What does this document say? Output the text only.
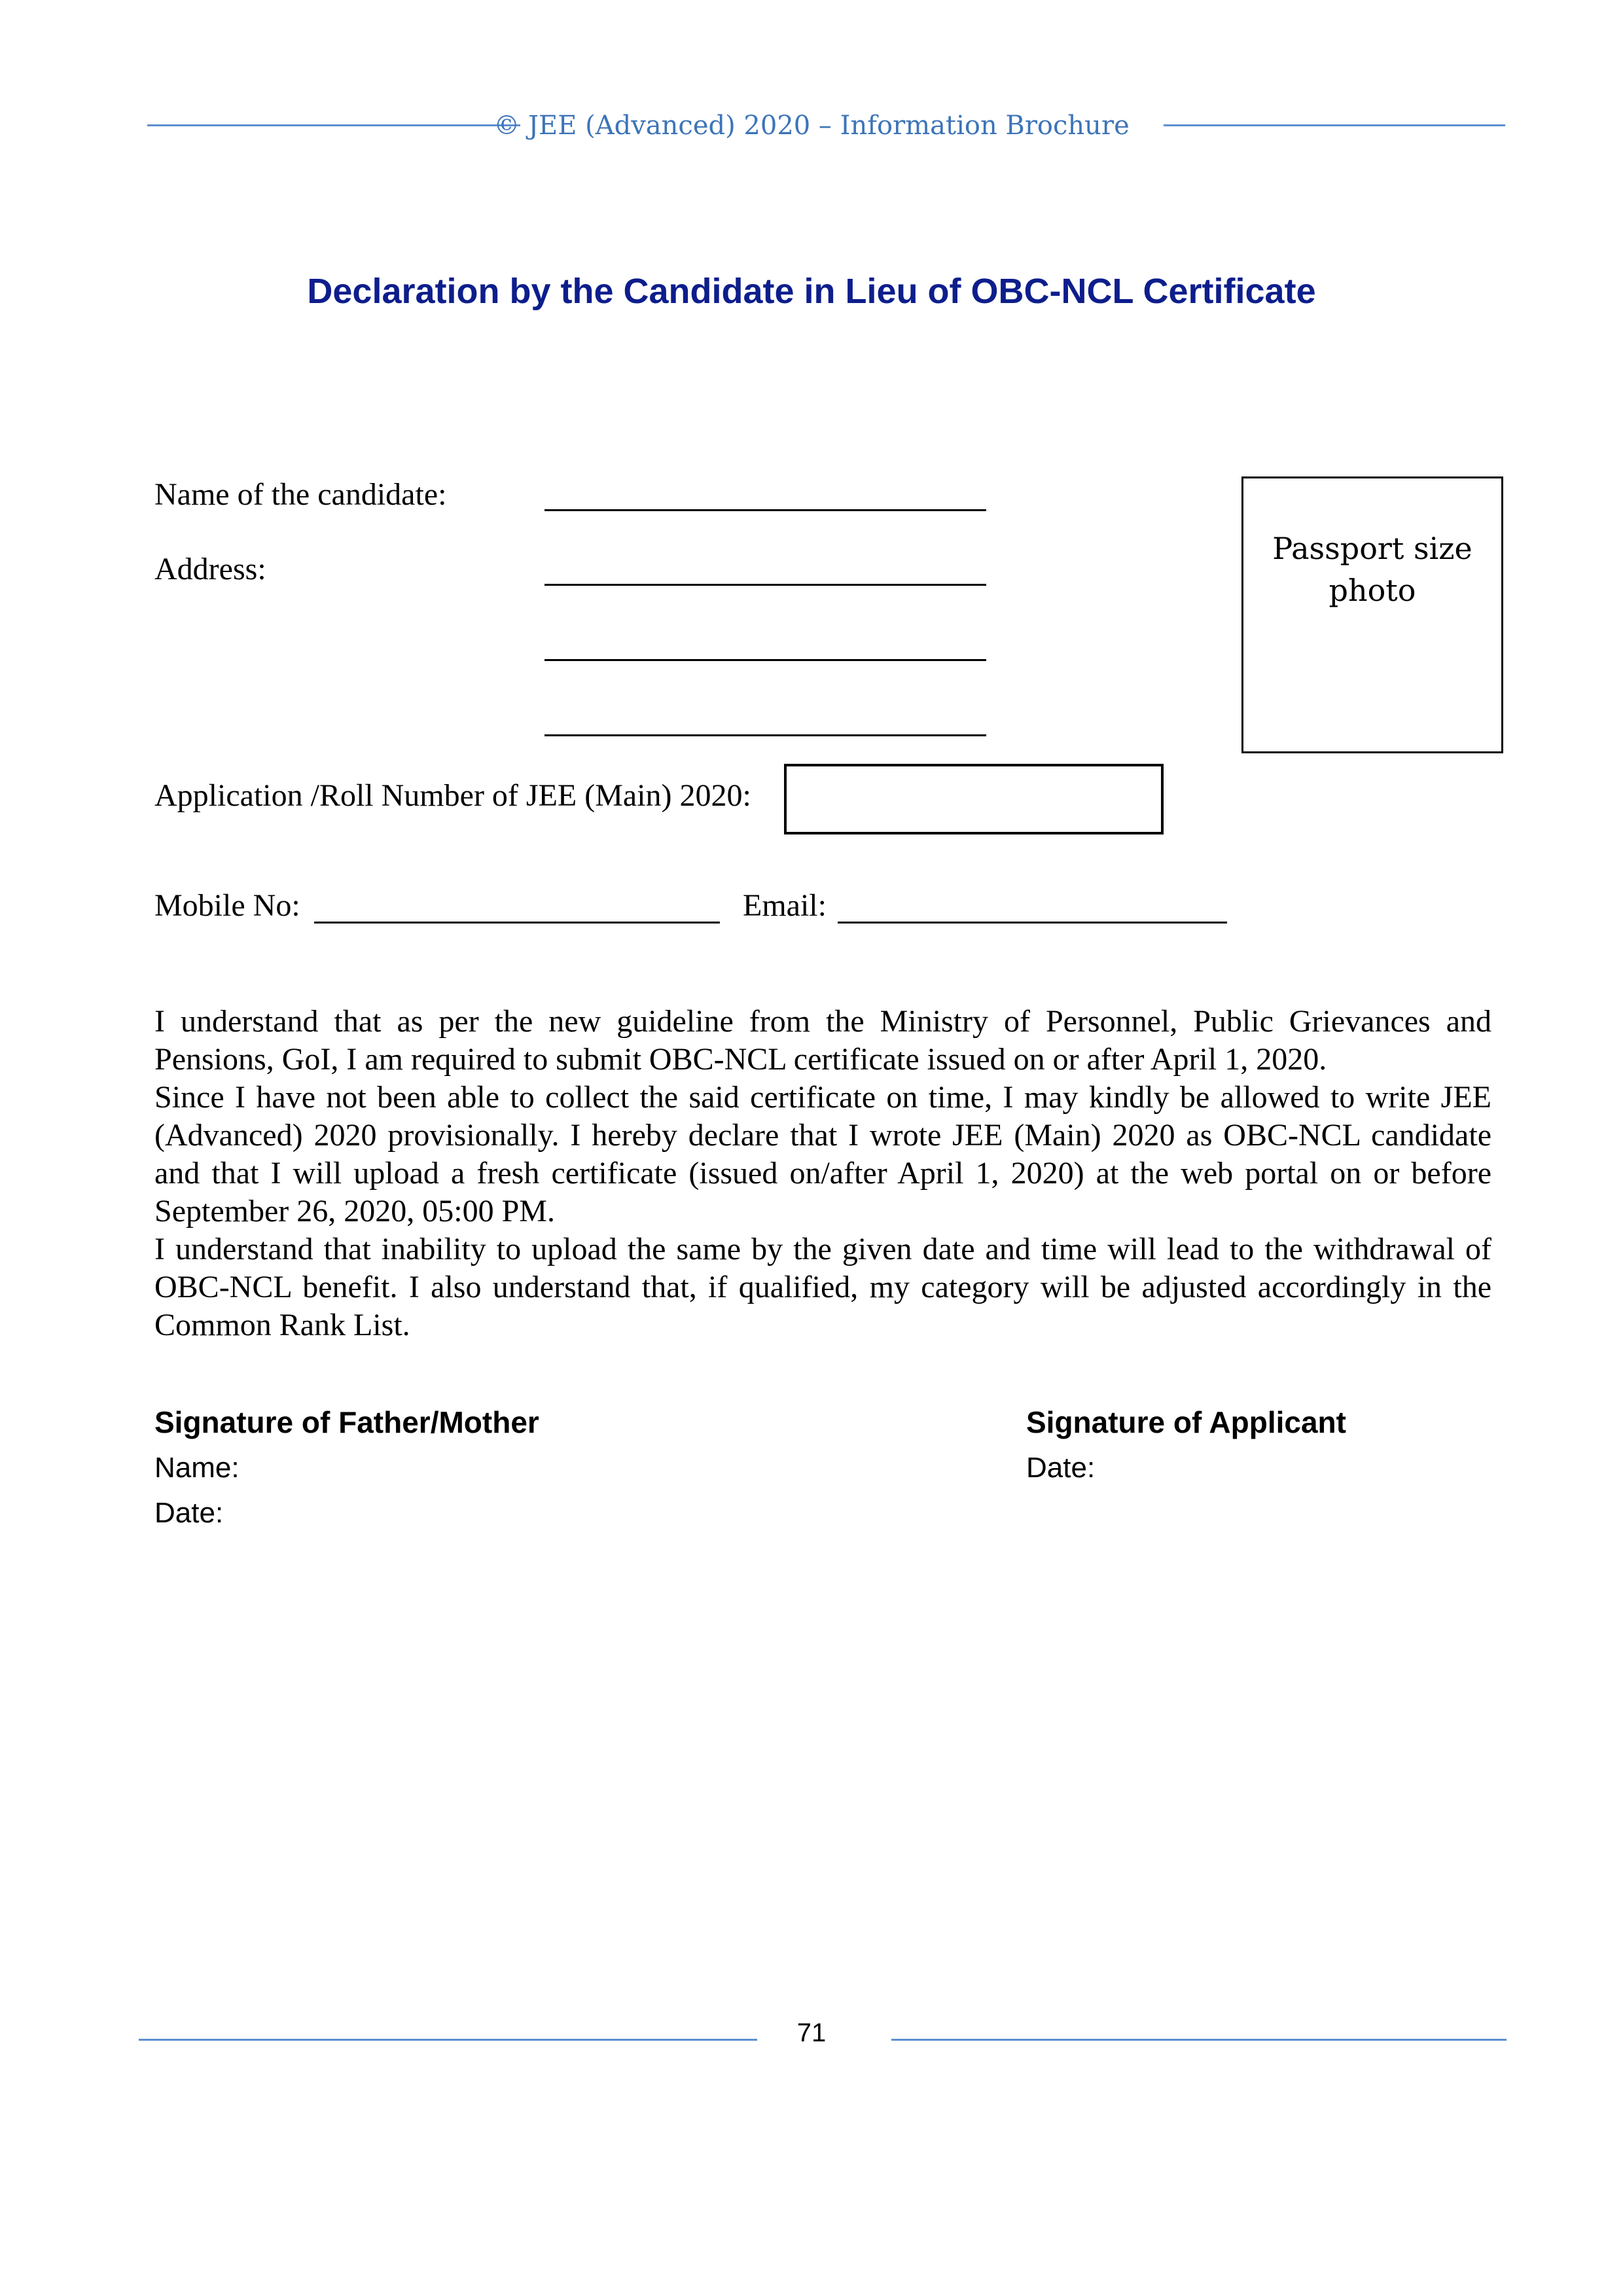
© JEE (Advanced) 2020 – Information Brochure
Declaration by the Candidate in Lieu of OBC-NCL Certificate
Name of the candidate:
Address:
Passport size photo
Application /Roll Number of JEE (Main) 2020:
Mobile No:	Email:

I understand that as per the new guideline from the Ministry of Personnel, Public Grievances and Pensions, GoI, I am required to submit OBC-NCL certificate issued on or after April 1, 2020.

Since I have not been able to collect the said certificate on time, I may kindly be allowed to write JEE (Advanced) 2020 provisionally. I hereby declare that I wrote JEE (Main) 2020 as OBC-NCL candidate and that I will upload a fresh certificate (issued on/after April 1, 2020) at the web portal on or before September 26, 2020, 05:00 PM.

I understand that inability to upload the same by the given date and time will lead to the withdrawal of OBC-NCL benefit. I also understand that, if qualified, my category will be adjusted accordingly in the Common Rank List.

Signature of Father/Mother
Name:
Date:
Signature of Applicant
Date:
71
